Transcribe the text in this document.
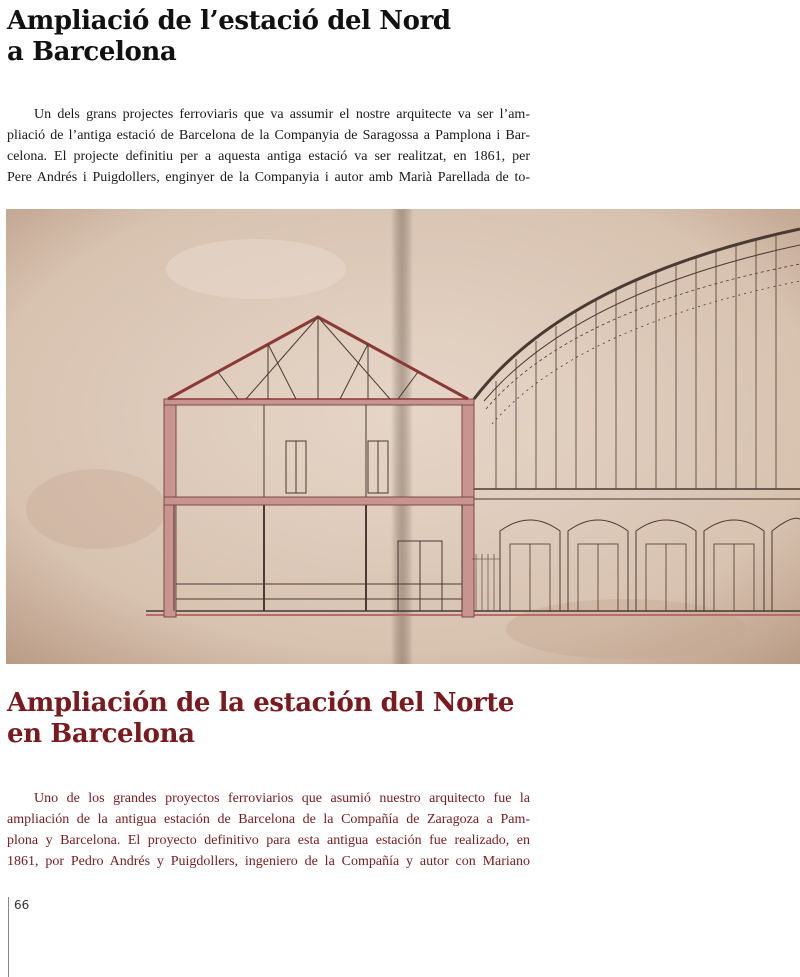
Ampliació de l’estació del Nord
a Barcelona

Un dels grans projectes ferroviaris que va assumir el nostre arquitecte va ser l’am-
pliació de l’antiga estació de Barcelona de la Companyia de Saragossa a Pamplona i Bar-
celona. El projecte definitiu per a aquesta antiga estació va ser realitzat, en 1861, per
Pere Andrés i Puigdollers, enginyer de la Companyia i autor amb Marià Parellada de to-

Ampliación de la estación del Norte
en Barcelona

Uno de los grandes proyectos ferroviarios que asumió nuestro arquitecto fue la
ampliación de la antigua estación de Barcelona de la Compañía de Zaragoza a Pam-
plona y Barcelona. El proyecto definitivo para esta antigua estación fue realizado, en
1861, por Pedro Andrés y Puigdollers, ingeniero de la Compañía y autor con Mariano

66
